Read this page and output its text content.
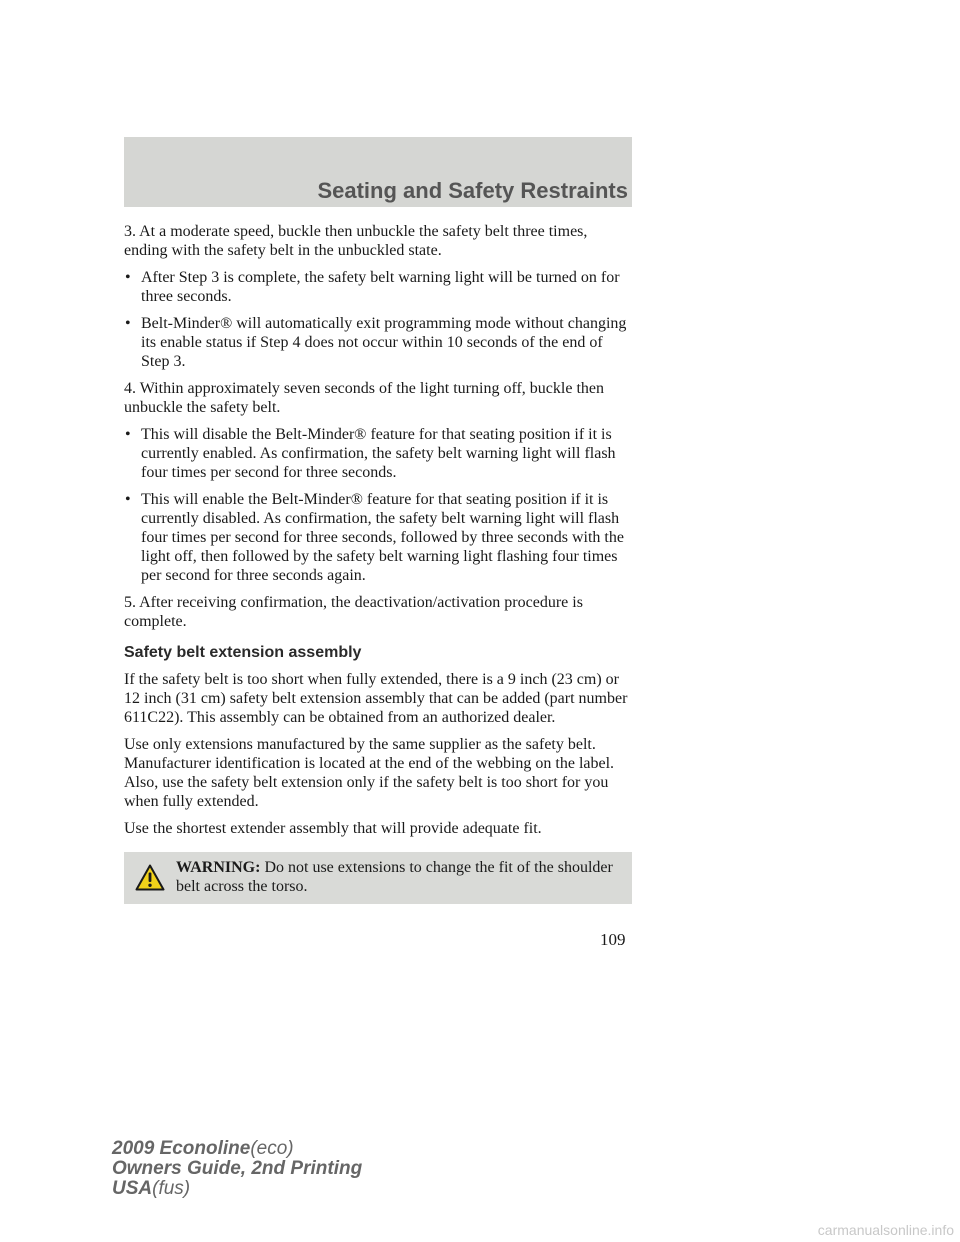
Seating and Safety Restraints

3. At a moderate speed, buckle then unbuckle the safety belt three times, ending with the safety belt in the unbuckled state.

• After Step 3 is complete, the safety belt warning light will be turned on for three seconds.
• Belt-Minder® will automatically exit programming mode without changing its enable status if Step 4 does not occur within 10 seconds of the end of Step 3.

4. Within approximately seven seconds of the light turning off, buckle then unbuckle the safety belt.

• This will disable the Belt-Minder® feature for that seating position if it is currently enabled. As confirmation, the safety belt warning light will flash four times per second for three seconds.
• This will enable the Belt-Minder® feature for that seating position if it is currently disabled. As confirmation, the safety belt warning light will flash four times per second for three seconds, followed by three seconds with the light off, then followed by the safety belt warning light flashing four times per second for three seconds again.

5. After receiving confirmation, the deactivation/activation procedure is complete.

Safety belt extension assembly

If the safety belt is too short when fully extended, there is a 9 inch (23 cm) or 12 inch (31 cm) safety belt extension assembly that can be added (part number 611C22). This assembly can be obtained from an authorized dealer.

Use only extensions manufactured by the same supplier as the safety belt. Manufacturer identification is located at the end of the webbing on the label. Also, use the safety belt extension only if the safety belt is too short for you when fully extended.

Use the shortest extender assembly that will provide adequate fit.

WARNING: Do not use extensions to change the fit of the shoulder belt across the torso.
109
2009 Econoline(eco)
Owners Guide, 2nd Printing
USA(fus)
carmanualsonline.info
